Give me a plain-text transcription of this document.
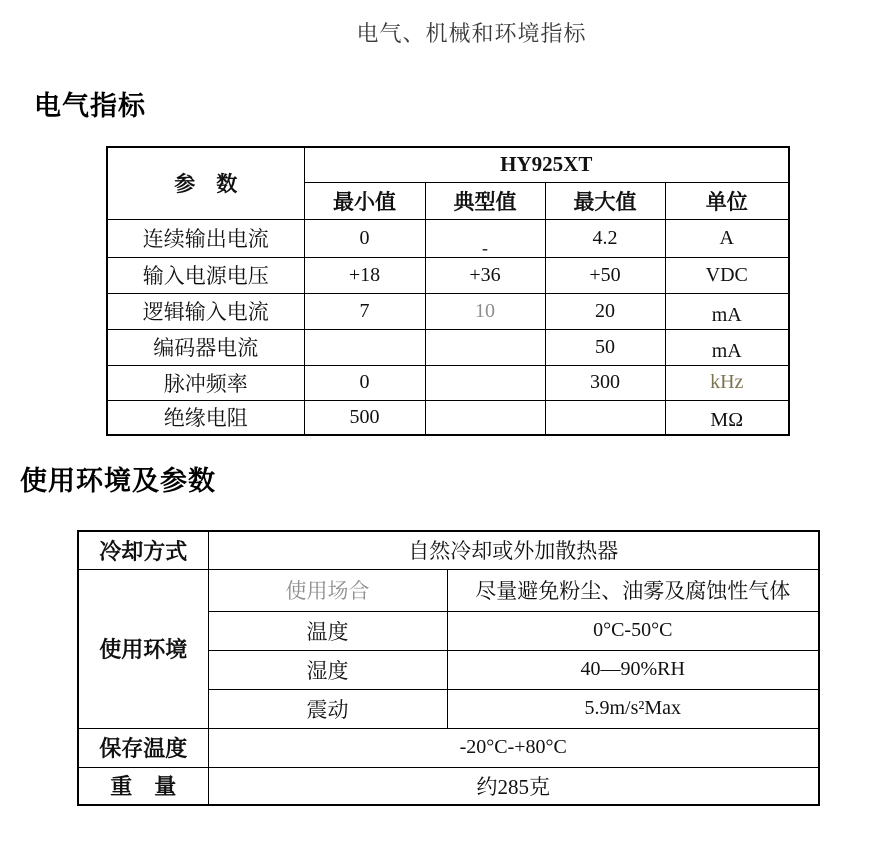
电气、机械和环境指标
电气指标
参　数	HY925XT			
	最小值	典型值	最大值	单位
连续输出电流	0	-	4.2	A
输入电源电压	+18	+36	+50	VDC
逻辑输入电流	7	10	20	mA
编码器电流			50	mA
脉冲频率	0		300	kHz
绝缘电阻	500			MΩ
使用环境及参数
冷却方式	自然冷却或外加散热器	
使用环境	使用场合	尽量避免粉尘、油雾及腐蚀性气体
	温度	0°C-50°C
	湿度	40—90%RH
	震动	5.9m/s²Max
保存温度	-20°C-+80°C	
重　量	约285克	
